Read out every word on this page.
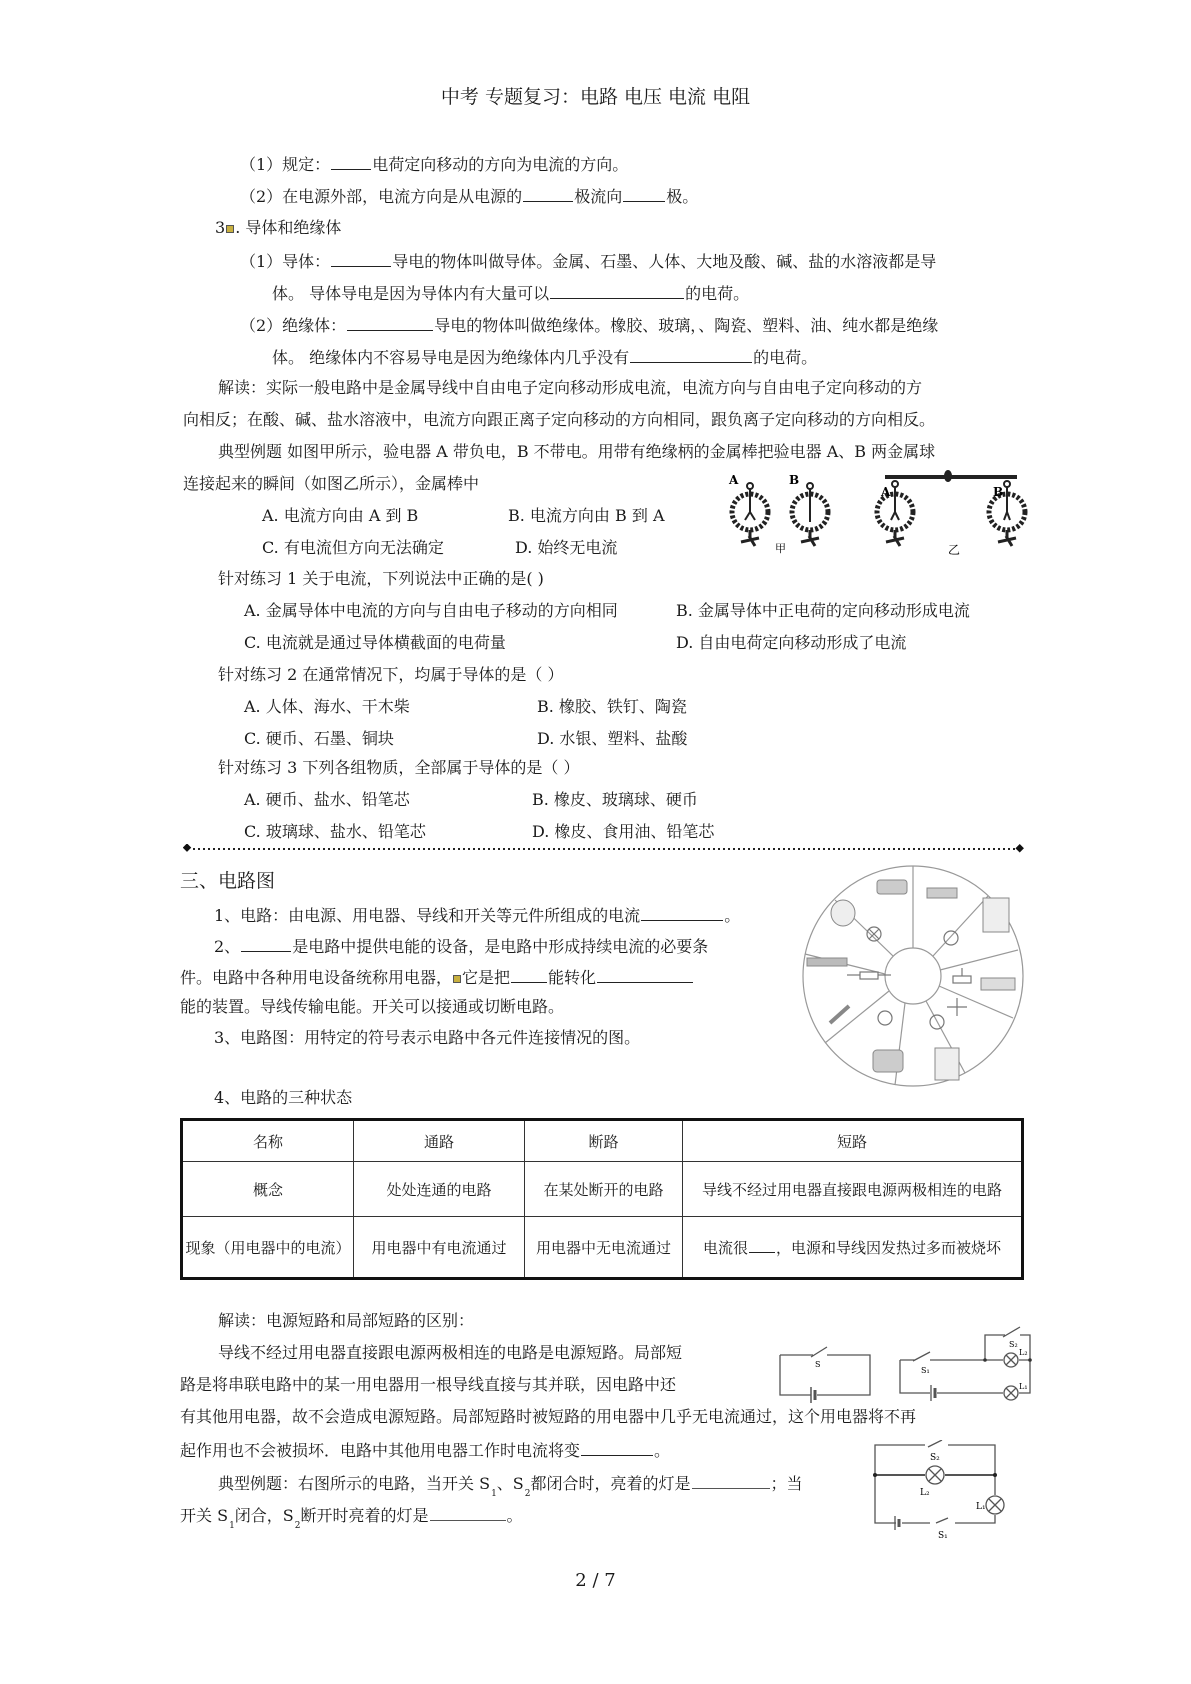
中考 专题复习：电路 电压 电流 电阻
（1）规定：	电荷定向移动的方向为电流的方向。
（2）在电源外部，电流方向是从电源的	极流向	极。
3 . 导体和绝缘体
（1）导体：	导电的物体叫做导体。金属、石墨、人体、大地及酸、碱、盐的水溶液都是导
体。 导体导电是因为导体内有大量可以	的电荷。
（2）绝缘体：	导电的物体叫做绝缘体。橡胶、玻璃，、陶瓷、塑料、油、纯水都是绝缘
体。 绝缘体内不容易导电是因为绝缘体内几乎没有	的电荷。
解读：实际一般电路中是金属导线中自由电子定向移动形成电流，电流方向与自由电子定向移动的方
向相反；在酸、碱、盐水溶液中，电流方向跟正离子定向移动的方向相同，跟负离子定向移动的方向相反。
典型例题 如图甲所示，验电器 A 带负电，B 不带电。用带有绝缘柄的金属棒把验电器 A、B 两金属球
连接起来的瞬间（如图乙所示），金属棒中
A. 电流方向由 A 到 B	B. 电流方向由 B 到 A
C. 有电流但方向无法确定	D. 始终无电流
A	B
甲
A	B
乙
针对练习 1 关于电流，下列说法中正确的是( )
A. 金属导体中电流的方向与自由电子移动的方向相同	B. 金属导体中正电荷的定向移动形成电流
C. 电流就是通过导体横截面的电荷量	D. 自由电荷定向移动形成了电流
针对练习 2 在通常情况下，均属于导体的是（ ）
A. 人体、海水、干木柴	B. 橡胶、铁钉、陶瓷
C. 硬币、石墨、铜块	D. 水银、塑料、盐酸
针对练习 3 下列各组物质，全部属于导体的是（ ）
A. 硬币、盐水、铅笔芯	B. 橡皮、玻璃球、硬币
C. 玻璃球、盐水、铅笔芯	D. 橡皮、食用油、铅笔芯
三、电路图
1、电路：由电源、用电器、导线和开关等元件所组成的电流	。
2、	是电路中提供电能的设备，是电路中形成持续电流的必要条
件。电路中各种用电设备统称用电器， 它是把 能转化
能的装置。导线传输电能。开关可以接通或切断电路。
3、电路图：用特定的符号表示电路中各元件连接情况的图。
4、电路的三种状态
名称	通路	断路	短路
概念	处处连通的电路	在某处断开的电路	导线不经过用电器直接跟电源两极相连的电路
现象（用电器中的电流）	用电器中有电流通过	用电器中无电流通过	电流很 ，电源和导线因发热过多而被烧坏
解读：电源短路和局部短路的区别：
导线不经过用电器直接跟电源两极相连的电路是电源短路。局部短
路是将串联电路中的某一用电器用一根导线直接与其并联，因电路中还
有其他用电器，故不会造成电源短路。局部短路时被短路的用电器中几乎无电流通过，这个用电器将不再
起作用也不会被损坏．电路中其他用电器工作时电流将变	。
S
S₁
S₂
L₂
L₁
典型例题：右图所示的电路，当开关 $S_1$、$S_2$都闭合时，亮着的灯是	；当
开关 $S_1$闭合，$S_2$断开时亮着的灯是	。
S₂
L₂
L₁
S₁
2 / 7
